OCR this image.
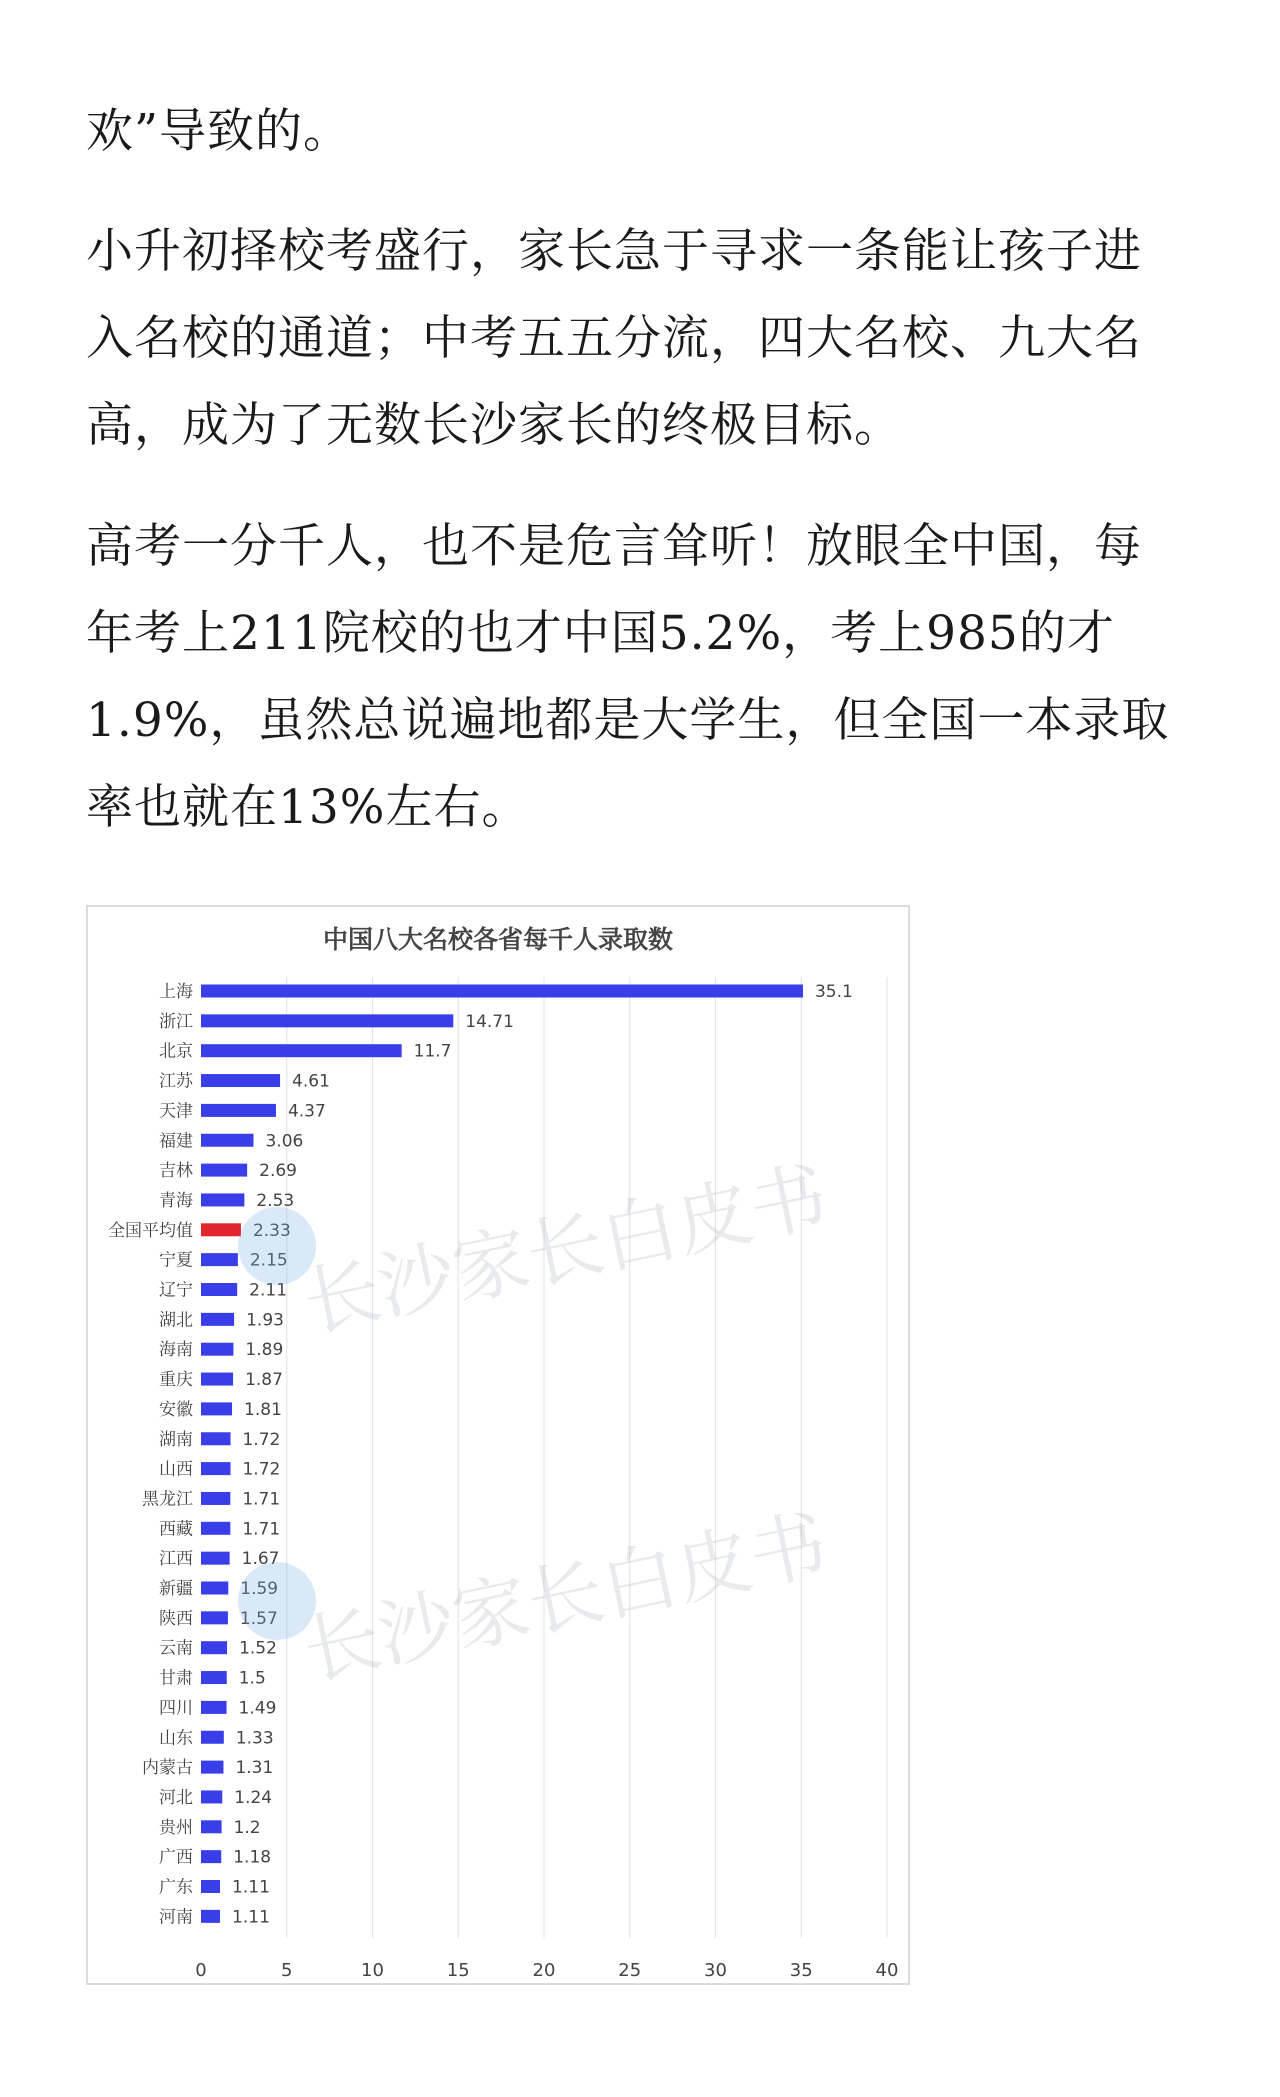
欢”导致的。

小升初择校考盛行，家长急于寻求一条能让孩子进
入名校的通道；中考五五分流，四大名校、九大名
高，成为了无数长沙家长的终极目标。

高考一分千人，也不是危言耸听！放眼全中国，每
年考上211院校的也才中国5.2%，考上985的才
1.9%，虽然总说遍地都是大学生，但全国一本录取
率也就在13%左右。

0	5	10	15	20	25	30	35	40
上海	35.1
浙江	14.71
北京	11.7
江苏	4.61
天津	4.37
福建	3.06
吉林	2.69
青海	2.53
全国平均值	2.33
宁夏	2.15
辽宁	2.11
湖北	1.93
海南	1.89
重庆	1.87
安徽	1.81
湖南	1.72
山西	1.72
黑龙江	1.71
西藏	1.71
江西	1.67
新疆	1.59
陕西	1.57
云南	1.52
甘肃	1.5
四川	1.49
山东	1.33
内蒙古 1.31
河北 1.24
贵州 1.2
广西 1.18
广东 1.11
河南 1.11
中国八大名校各省每千人录取数
长沙家长白皮书
长沙家长白皮书
